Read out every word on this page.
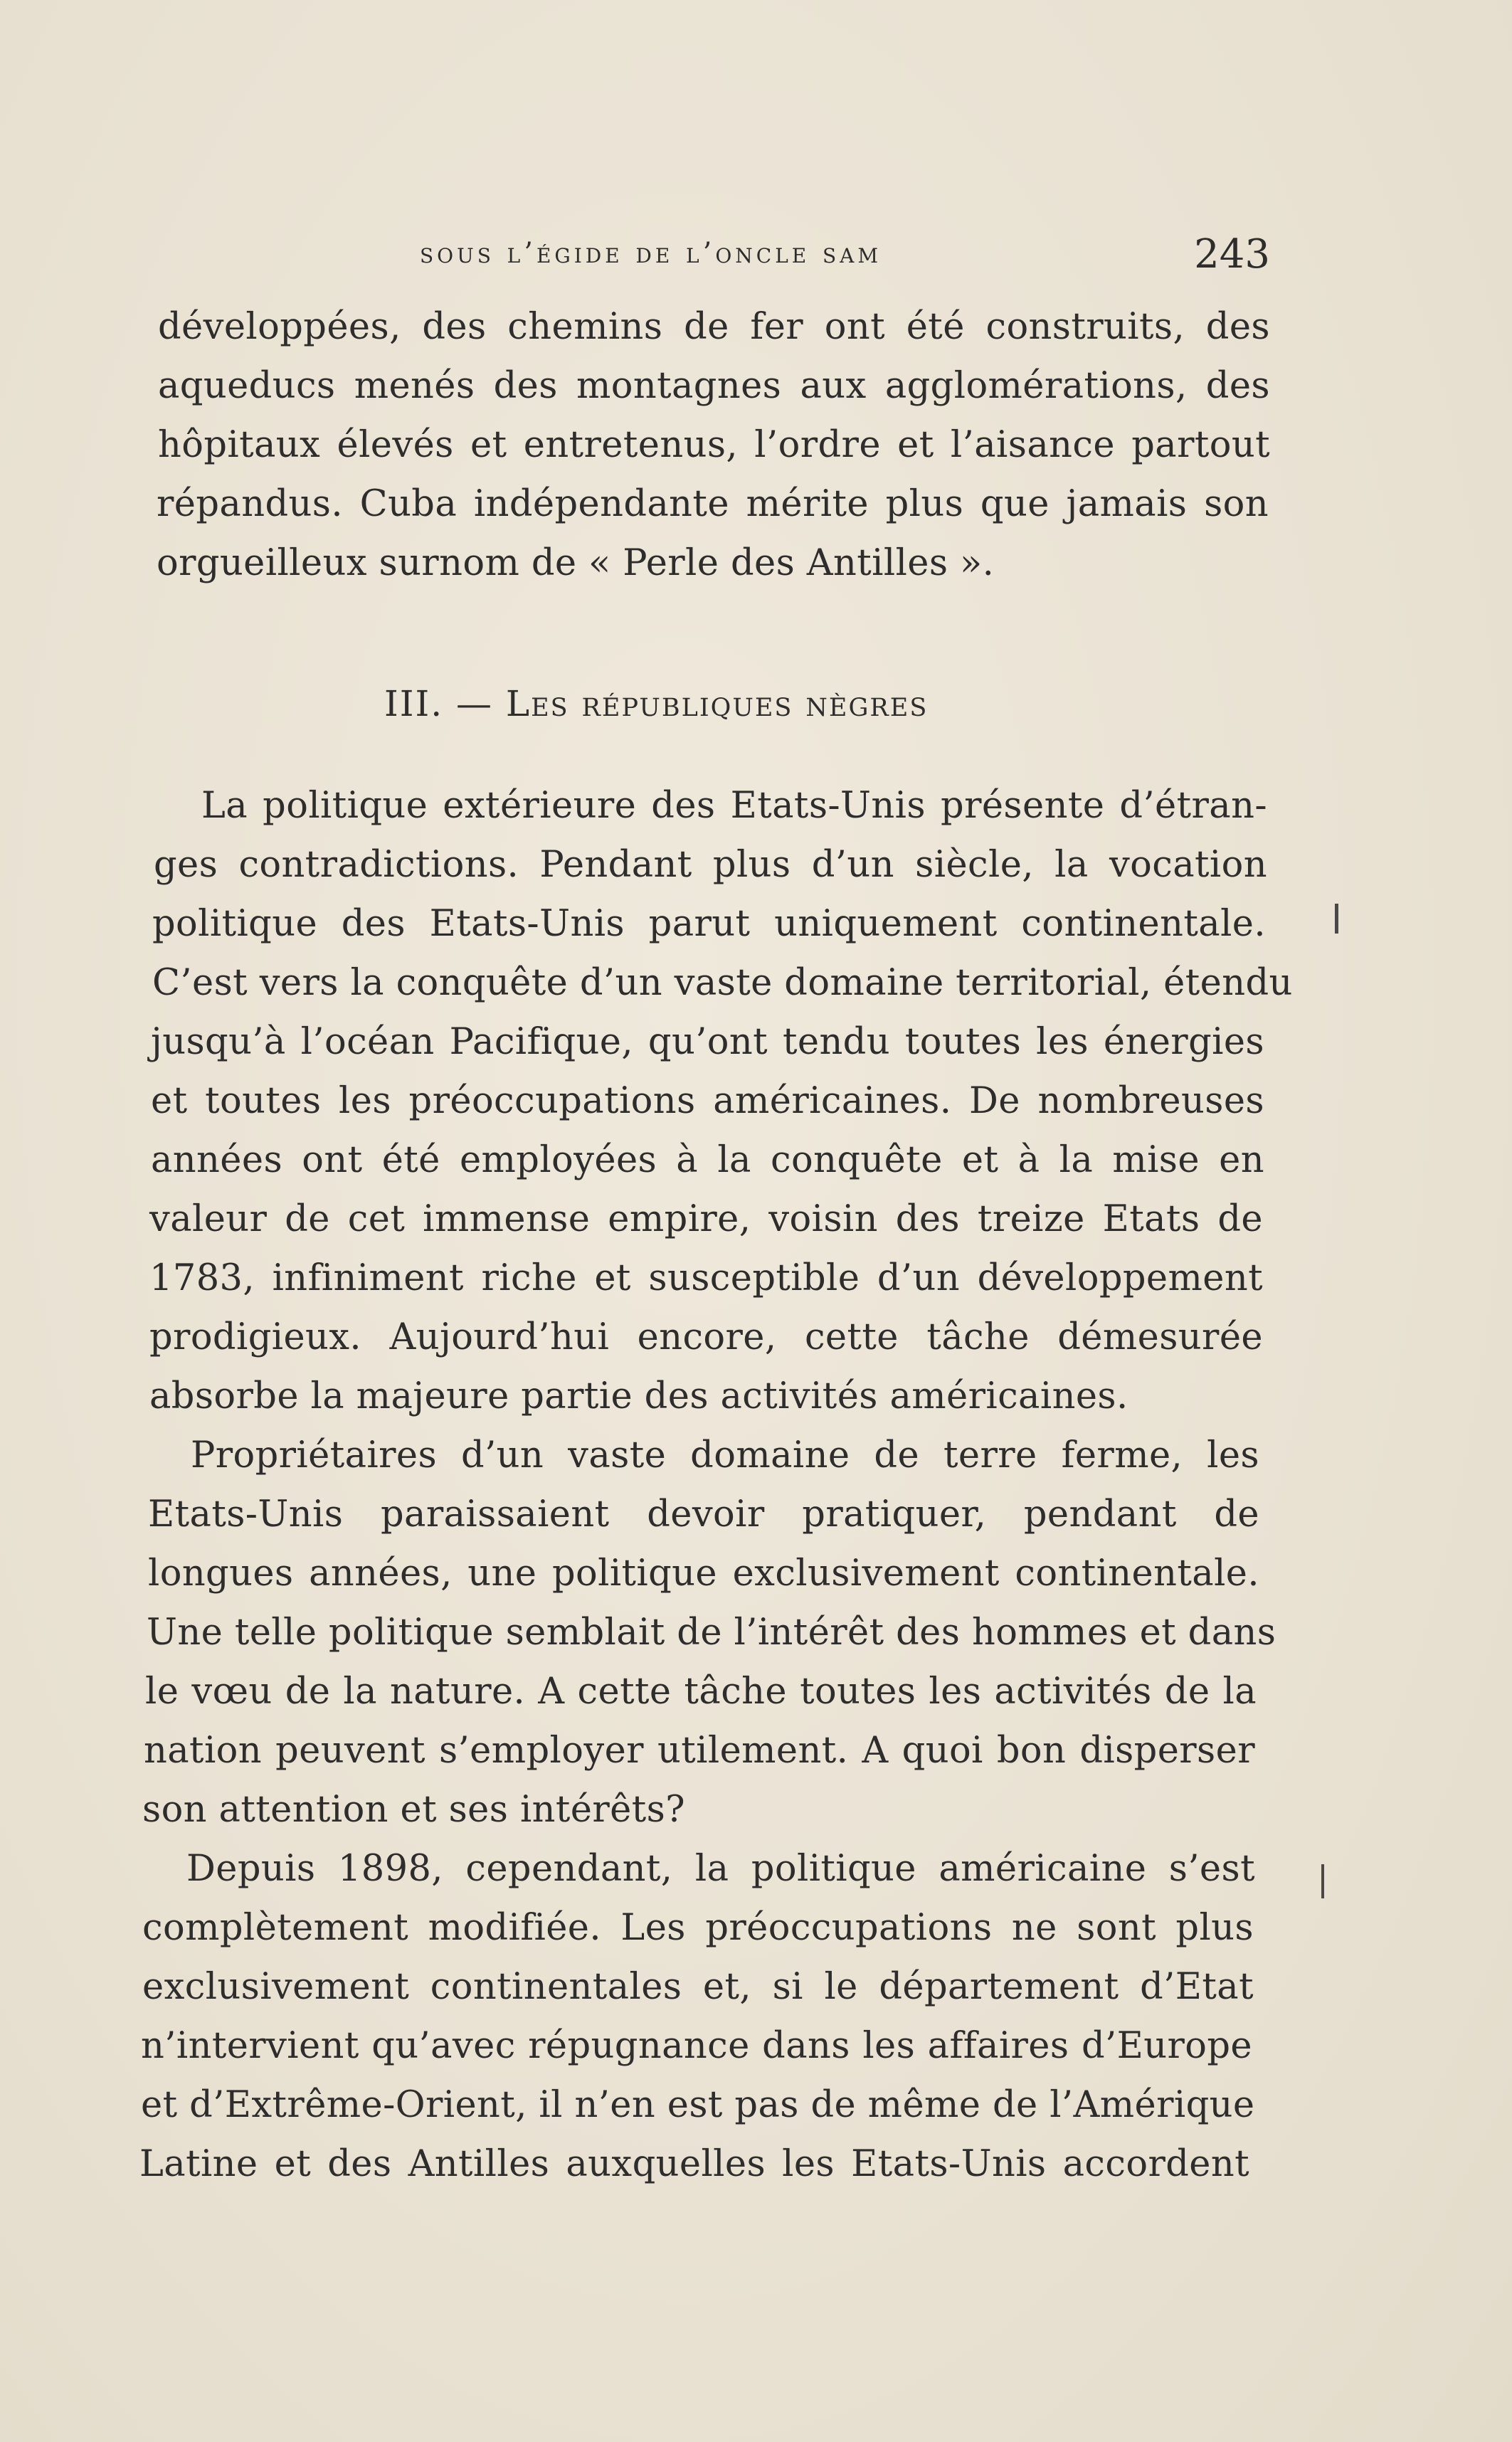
sous l’égide de l’oncle sam	243
développées, des chemins de fer ont été construits, des
aqueducs menés des montagnes aux agglomérations, des
hôpitaux élevés et entretenus, l’ordre et l’aisance partout
répandus. Cuba indépendante mérite plus que jamais son
orgueilleux surnom de « Perle des Antilles ».
III. — Les républiques nègres
La politique extérieure des Etats-Unis présente d’étran-
ges contradictions. Pendant plus d’un siècle, la vocation
politique des Etats-Unis parut uniquement continentale.
C’est vers la conquête d’un vaste domaine territorial, étendu
jusqu’à l’océan Pacifique, qu’ont tendu toutes les énergies
et toutes les préoccupations américaines. De nombreuses
années ont été employées à la conquête et à la mise en
valeur de cet immense empire, voisin des treize Etats de
1783, infiniment riche et susceptible d’un développement
prodigieux. Aujourd’hui encore, cette tâche démesurée
absorbe la majeure partie des activités américaines.
Propriétaires d’un vaste domaine de terre ferme, les
Etats-Unis paraissaient devoir pratiquer, pendant de
longues années, une politique exclusivement continentale.
Une telle politique semblait de l’intérêt des hommes et dans
le vœu de la nature. A cette tâche toutes les activités de la
nation peuvent s’employer utilement. A quoi bon disperser
son attention et ses intérêts?
Depuis 1898, cependant, la politique américaine s’est
complètement modifiée. Les préoccupations ne sont plus
exclusivement continentales et, si le département d’Etat
n’intervient qu’avec répugnance dans les affaires d’Europe
et d’Extrême-Orient, il n’en est pas de même de l’Amérique
Latine et des Antilles auxquelles les Etats-Unis accordent
